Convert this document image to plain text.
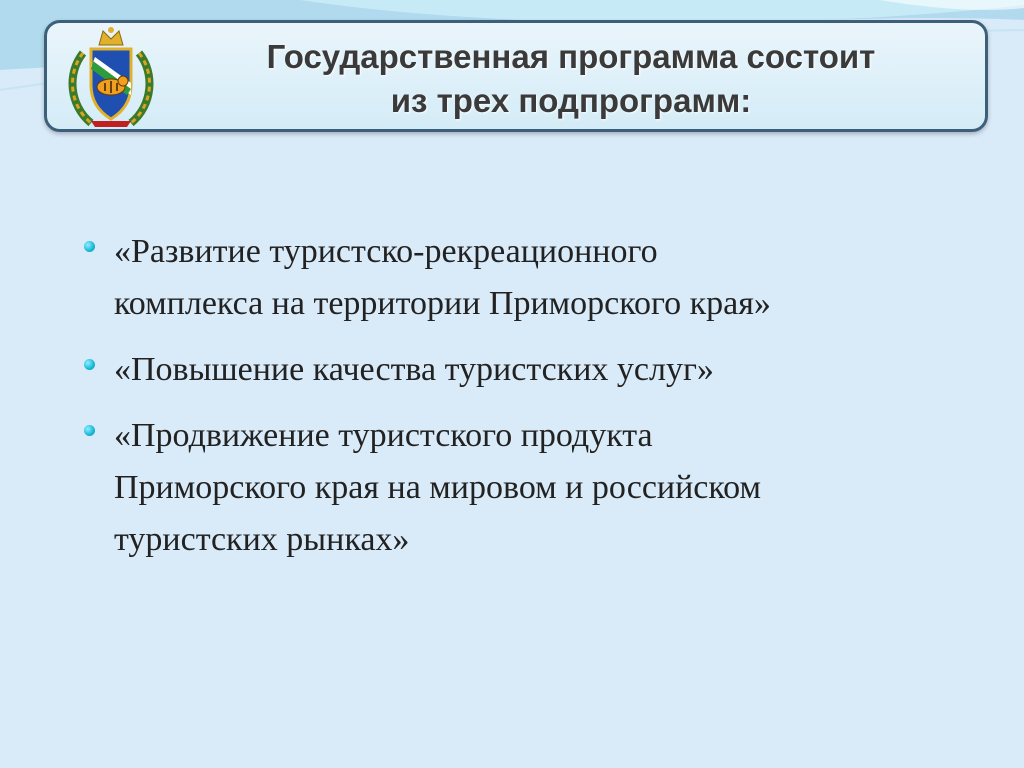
Государственная программа состоит
из трех подпрограмм:
«Развитие туристско-рекреационного
комплекса на территории Приморского края»
«Повышение качества туристских услуг»
«Продвижение туристского продукта
Приморского края на мировом и российском
туристских рынках»
